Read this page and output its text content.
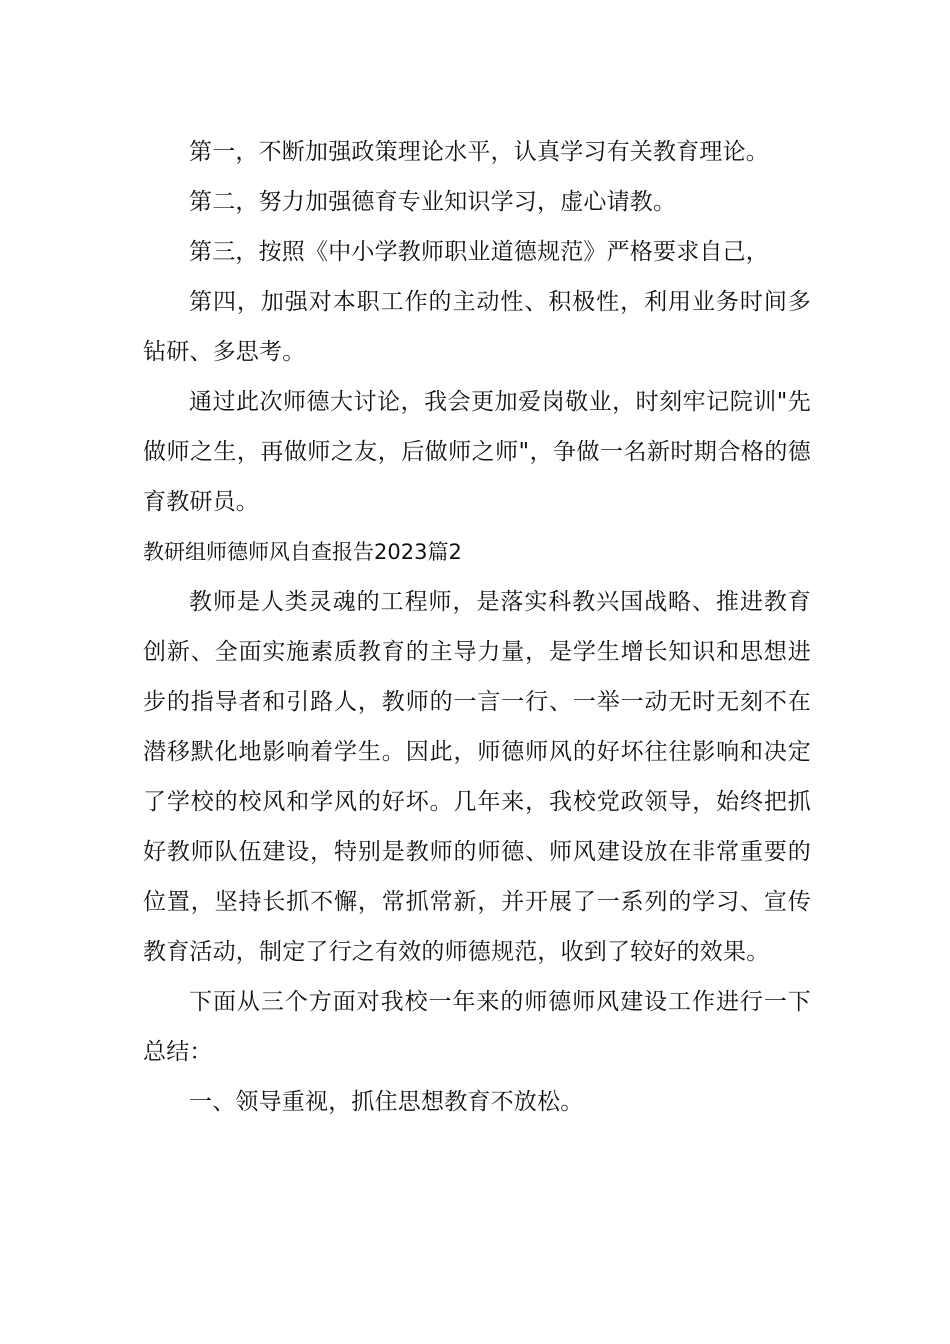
第一，不断加强政策理论水平，认真学习有关教育理论。

第二，努力加强德育专业知识学习，虚心请教。

第三，按照《中小学教师职业道德规范》严格要求自己，

第四，加强对本职工作的主动性、积极性，利用业务时间多钻研、多思考。

通过此次师德大讨论，我会更加爱岗敬业，时刻牢记院训"先做师之生，再做师之友，后做师之师"，争做一名新时期合格的德育教研员。

教研组师德师风自查报告2023篇2

教师是人类灵魂的工程师，是落实科教兴国战略、推进教育创新、全面实施素质教育的主导力量，是学生增长知识和思想进步的指导者和引路人，教师的一言一行、一举一动无时无刻不在潜移默化地影响着学生。因此，师德师风的好坏往往影响和决定了学校的校风和学风的好坏。几年来，我校党政领导，始终把抓好教师队伍建设，特别是教师的师德、师风建设放在非常重要的位置，坚持长抓不懈，常抓常新，并开展了一系列的学习、宣传教育活动，制定了行之有效的师德规范，收到了较好的效果。

下面从三个方面对我校一年来的师德师风建设工作进行一下总结：

一、领导重视，抓住思想教育不放松。
